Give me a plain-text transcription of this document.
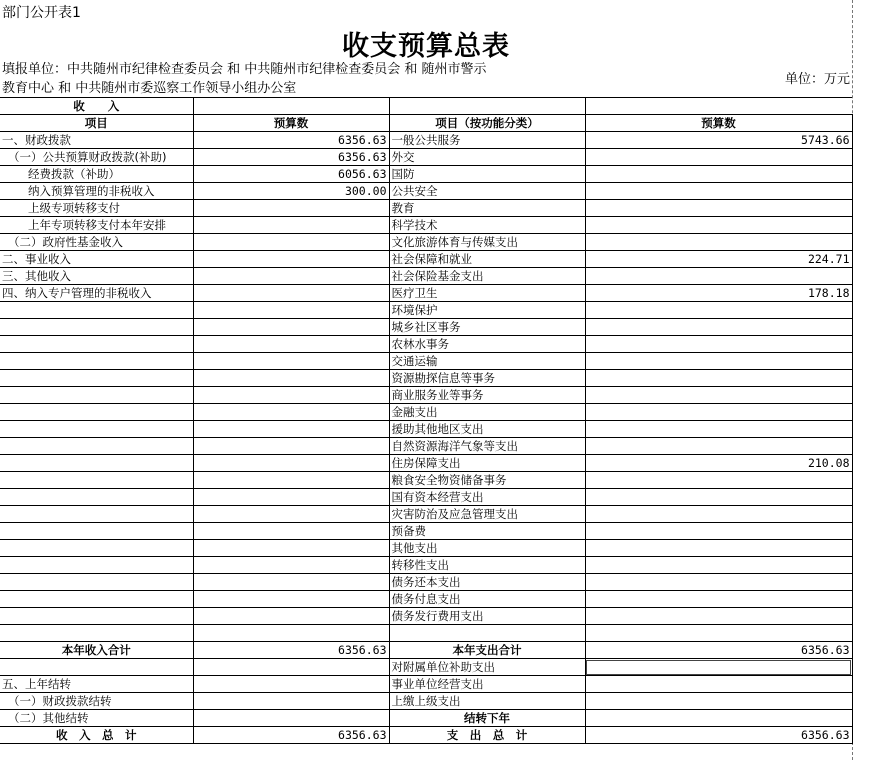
部门公开表1
收支预算总表
填报单位：中共随州市纪律检查委员会 和 中共随州市纪律检查委员会 和 随州市警示
教育中心 和 中共随州市委巡察工作领导小组办公室
单位：万元
收　　入			
项目	预算数	项目（按功能分类）	预算数
一、财政拨款	6356.63	一般公共服务	5743.66
（一）公共预算财政拨款(补助)	6356.63	外交	
经费拨款（补助）	6056.63	国防	
纳入预算管理的非税收入	300.00	公共安全	
上级专项转移支付		教育	
上年专项转移支付本年安排		科学技术	
（二）政府性基金收入		文化旅游体育与传媒支出	
二、事业收入		社会保障和就业	224.71
三、其他收入		社会保险基金支出	
四、纳入专户管理的非税收入		医疗卫生	178.18
		环境保护	
		城乡社区事务	
		农林水事务	
		交通运输	
		资源勘探信息等事务	
		商业服务业等事务	
		金融支出	
		援助其他地区支出	
		自然资源海洋气象等支出	
		住房保障支出	210.08
		粮食安全物资储备事务	
		国有资本经营支出	
		灾害防治及应急管理支出	
		预备费	
		其他支出	
		转移性支出	
		债务还本支出	
		债务付息支出	
		债务发行费用支出	

本年收入合计	6356.63	本年支出合计	6356.63
		对附属单位补助支出	
五、上年结转		事业单位经营支出	
（一）财政拨款结转		上缴上级支出	
（二）其他结转		结转下年	
收　入　总　计	6356.63	支　出　总　计	6356.63
